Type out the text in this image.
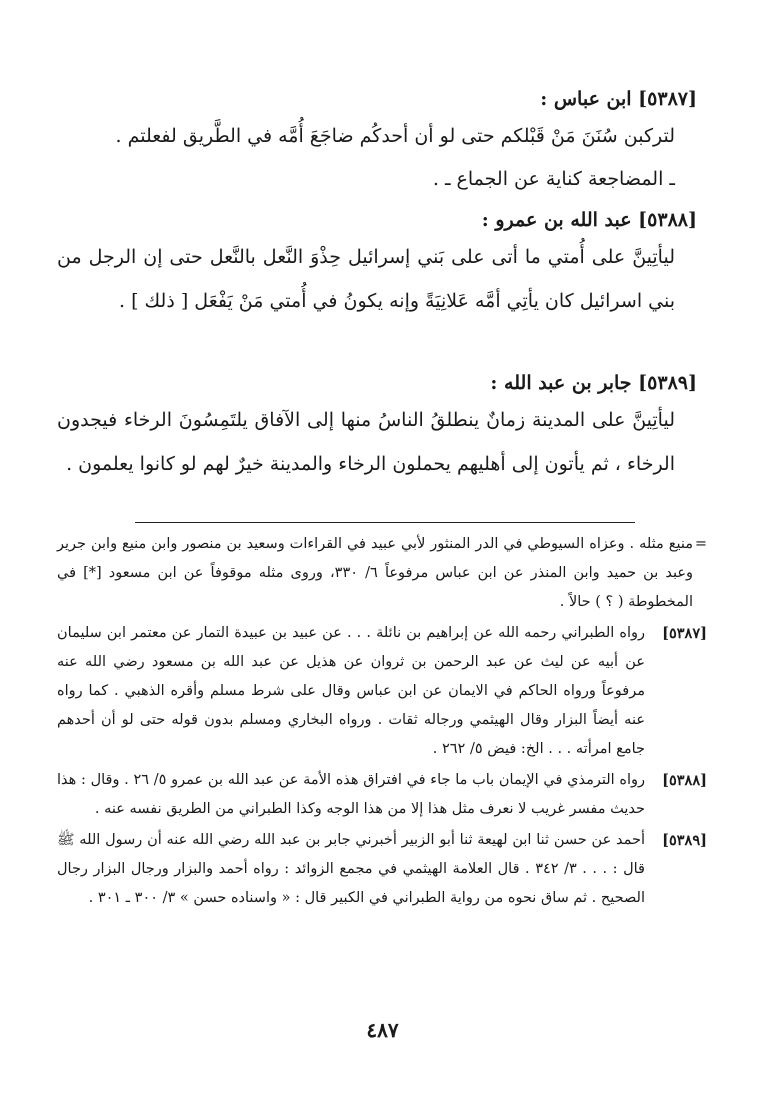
[٥٣٨٧] ابن عباس :

لتركبن سُنَنَ مَنْ قَبْلكم حتى لو أن أحدكُم ضاجَعَ أُمَّه في الطَّريق لفعلتم .

ـ المضاجعة كناية عن الجماع ـ .

[٥٣٨٨] عبد الله بن عمرو :

ليأتِينَّ على أُمتي ما أتى على بَني إسرائيل حِذْوَ النَّعل بالنَّعل حتى إن الرجل من بني اسرائيل كان يأتِي أمَّه عَلانِيَةً وإنه يكونُ في أُمتي مَنْ يَفْعَل [ ذلك ] .

[٥٣٨٩] جابر بن عبد الله :

ليأتِينَّ على المدينة زمانٌ ينطلقُ الناسُ منها إلى الآفاق يلتَمِسُونَ الرخاء فيجدون الرخاء ، ثم يأتون إلى أهليهم يحملون الرخاء والمدينة خيرٌ لهم لو كانوا يعلمون .

=
منيع مثله . وعزاه السيوطي في الدر المنثور لأبي عبيد في القراءات وسعيد بن منصور وابن منيع وابن جرير وعبد بن حميد وابن المنذر عن ابن عباس مرفوعاً ٦/ ٣٣٠، وروى مثله موقوفاً عن ابن مسعود [*] في المخطوطة ( ؟ ) حالاً .
[٥٣٨٧]
رواه الطبراني رحمه الله عن إبراهيم بن نائلة . . . عن عبيد بن عبيدة التمار عن معتمر ابن سليمان عن أبيه عن ليث عن عبد الرحمن بن ثروان عن هذيل عن عبد الله بن مسعود رضي الله عنه مرفوعاً ورواه الحاكم في الايمان عن ابن عباس وقال على شرط مسلم وأقره الذهبي . كما رواه عنه أيضاً البزار وقال الهيثمي ورجاله ثقات . ورواه البخاري ومسلم بدون قوله حتى لو أن أحدهم جامع امرأته . . . الخ: فيض ٥/ ٢٦٢ .
[٥٣٨٨]
رواه الترمذي في الإيمان باب ما جاء في افتراق هذه الأمة عن عبد الله بن عمرو ٥/ ٢٦ . وقال : هذا حديث مفسر غريب لا نعرف مثل هذا إلا من هذا الوجه وكذا الطبراني من الطريق نفسه عنه .
[٥٣٨٩]
أحمد عن حسن ثنا ابن لهيعة ثنا أبو الزبير أخبرني جابر بن عبد الله رضي الله عنه أن رسول الله ﷺ قال : . . . ٣/ ٣٤٢ . قال العلامة الهيثمي في مجمع الزوائد : رواه أحمد والبزار ورجال البزار رجال الصحيح . ثم ساق نحوه من رواية الطبراني في الكبير قال : « واسناده حسن » ٣/ ٣٠٠ ـ ٣٠١ .
٤٨٧
